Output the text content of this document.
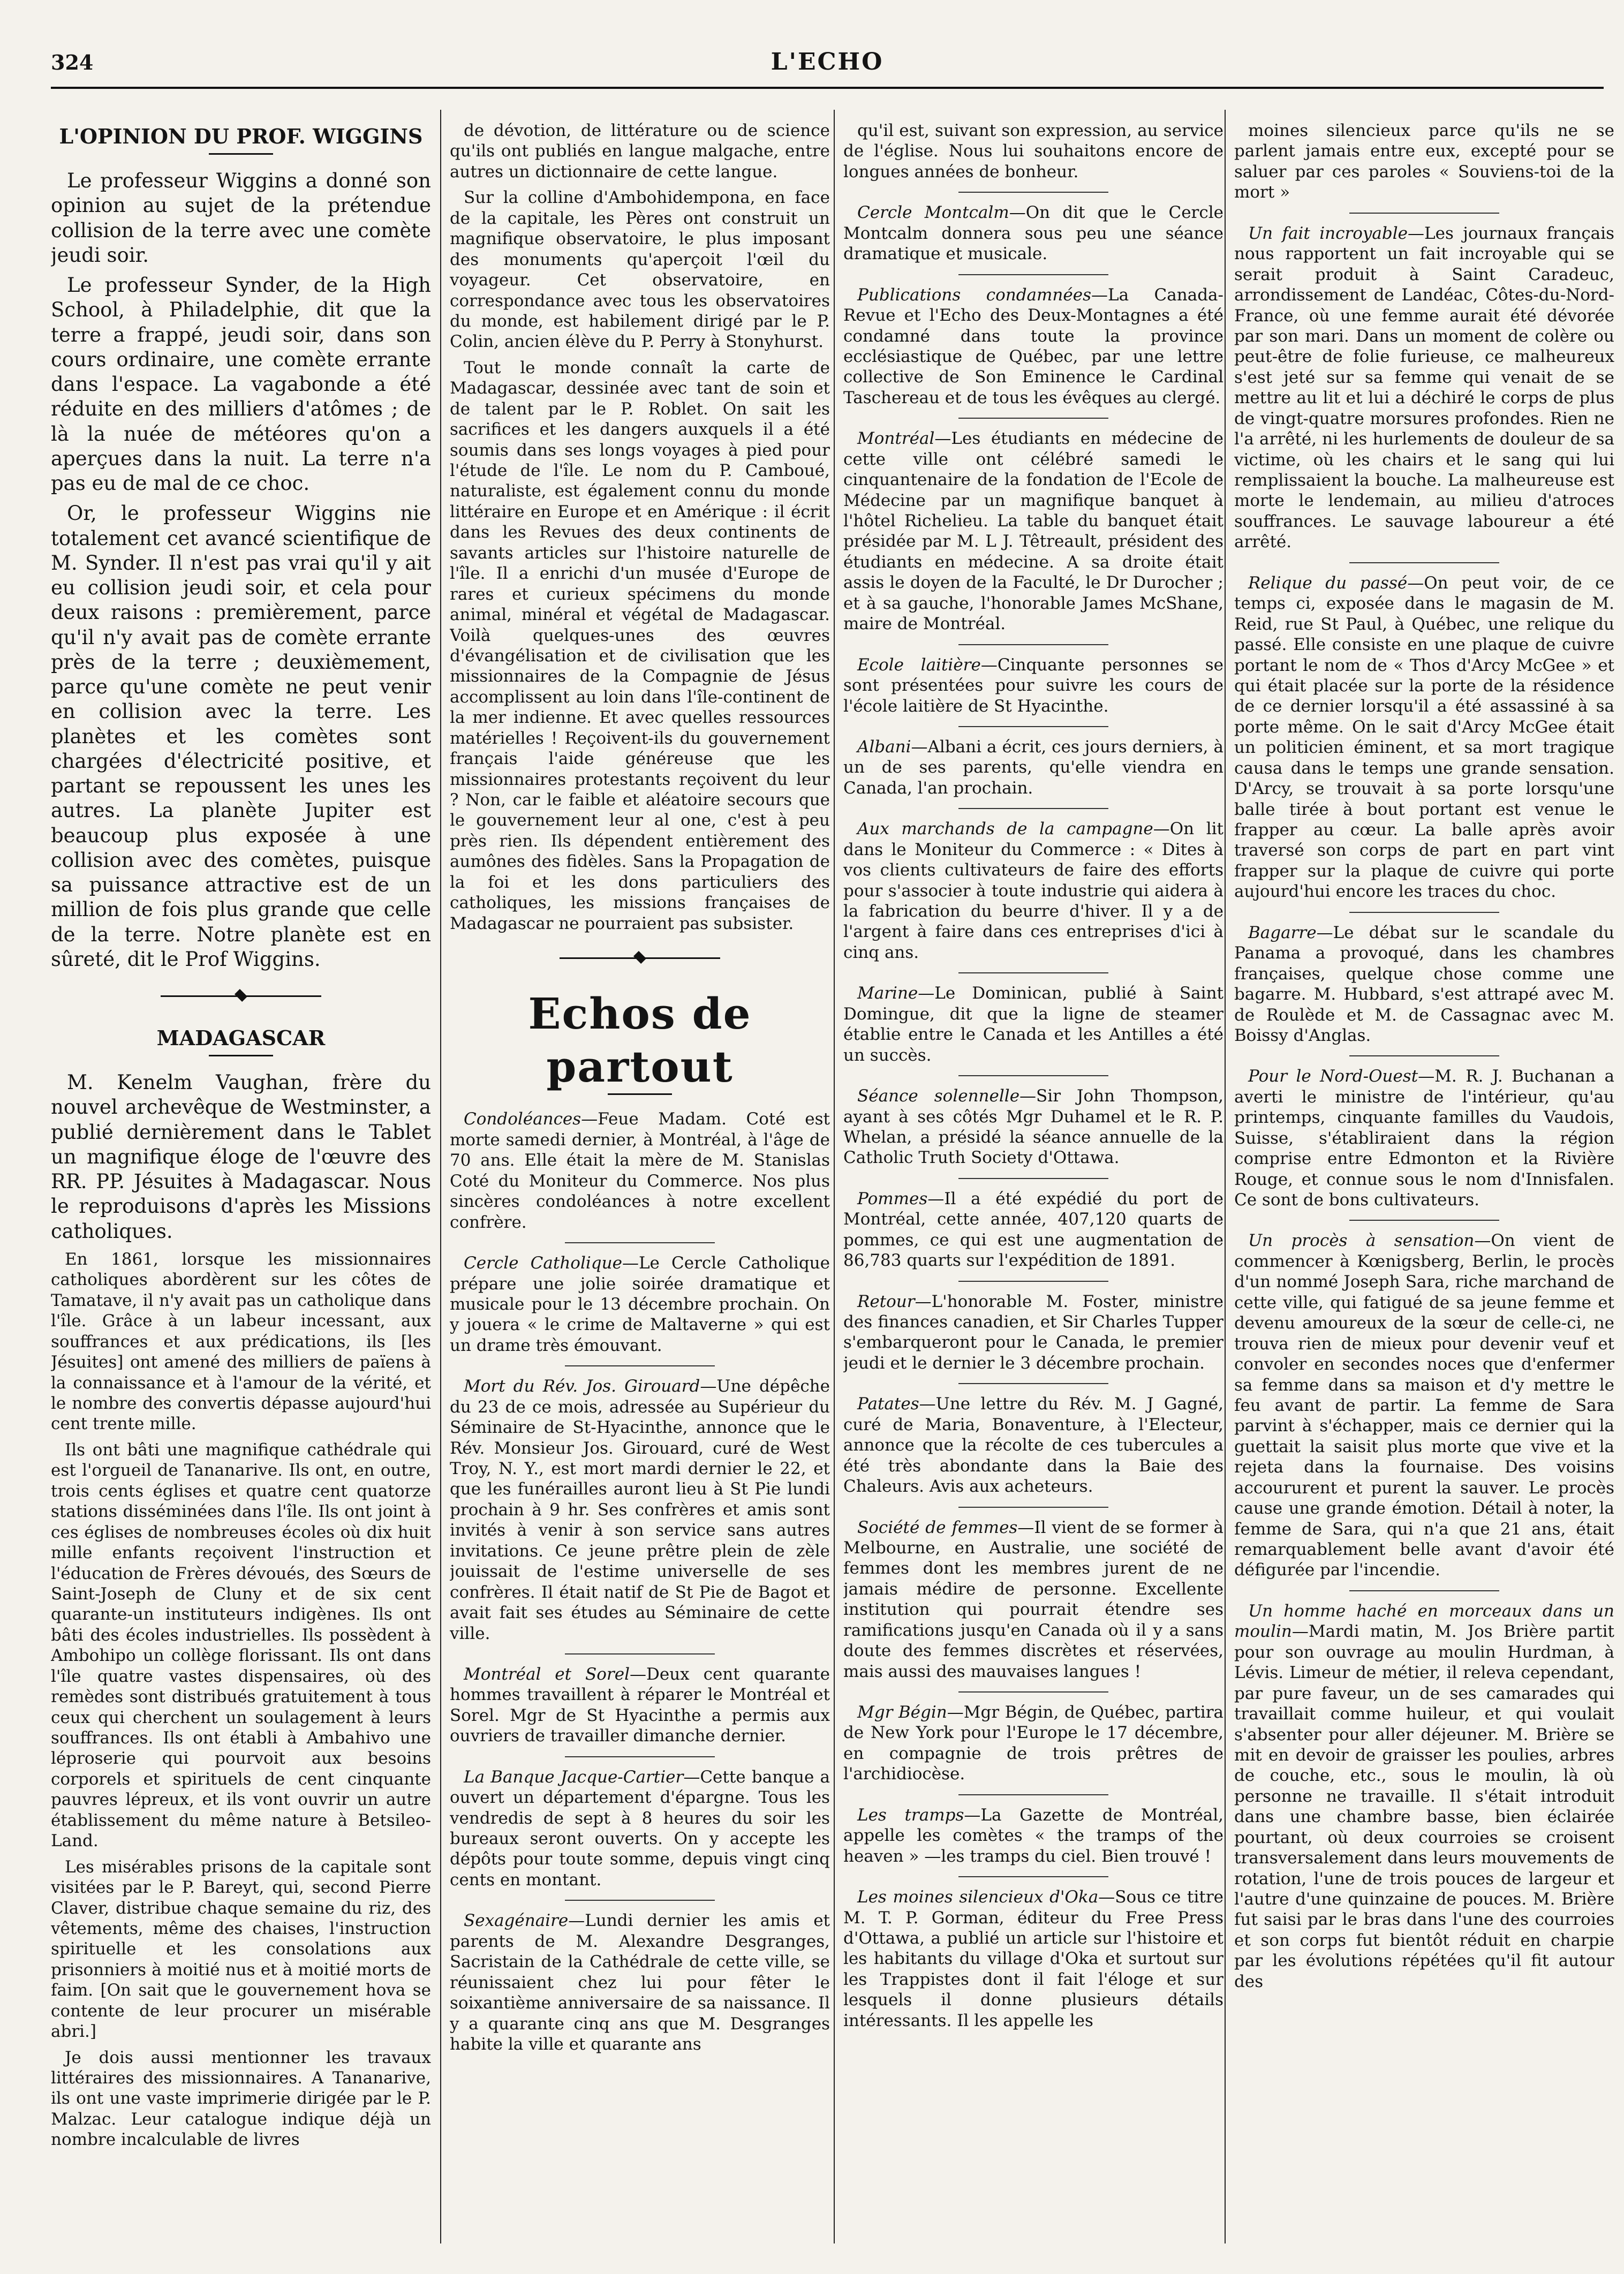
324	L'ECHO
L'OPINION DU PROF. WIGGINS

Le professeur Wiggins a donné son opinion au sujet de la prétendue collision de la terre avec une comète jeudi soir.

Le professeur Synder, de la High School, à Philadelphie, dit que la terre a frappé, jeudi soir, dans son cours ordinaire, une comète errante dans l'espace. La vagabonde a été réduite en des milliers d'atômes ; de là la nuée de météores qu'on a aperçues dans la nuit. La terre n'a pas eu de mal de ce choc.

Or, le professeur Wiggins nie totalement cet avancé scientifique de M. Synder. Il n'est pas vrai qu'il y ait eu collision jeudi soir, et cela pour deux raisons : premièrement, parce qu'il n'y avait pas de comète errante près de la terre ; deuxièmement, parce qu'une comète ne peut venir en collision avec la terre. Les planètes et les comètes sont chargées d'électricité positive, et partant se repoussent les unes les autres. La planète Jupiter est beaucoup plus exposée à une collision avec des comètes, puisque sa puissance attractive est de un million de fois plus grande que celle de la terre. Notre planète est en sûreté, dit le Prof Wiggins.

MADAGASCAR

M. Kenelm Vaughan, frère du nouvel archevêque de Westminster, a publié dernièrement dans le Tablet un magnifique éloge de l'œuvre des RR. PP. Jésuites à Madagascar. Nous le reproduisons d'après les Missions catholiques.

En 1861, lorsque les missionnaires catholiques abordèrent sur les côtes de Tamatave, il n'y avait pas un catholique dans l'île. Grâce à un labeur incessant, aux souffrances et aux prédications, ils [les Jésuites] ont amené des milliers de païens à la connaissance et à l'amour de la vérité, et le nombre des convertis dépasse aujourd'hui cent trente mille.

Ils ont bâti une magnifique cathédrale qui est l'orgueil de Tananarive. Ils ont, en outre, trois cents églises et quatre cent quatorze stations disséminées dans l'île. Ils ont joint à ces églises de nombreuses écoles où dix huit mille enfants reçoivent l'instruction et l'éducation de Frères dévoués, des Sœurs de Saint-Joseph de Cluny et de six cent quarante-un instituteurs indigènes. Ils ont bâti des écoles industrielles. Ils possèdent à Ambohipo un collège florissant. Ils ont dans l'île quatre vastes dispensaires, où des remèdes sont distribués gratuitement à tous ceux qui cherchent un soulagement à leurs souffrances. Ils ont établi à Ambahivo une léproserie qui pourvoit aux besoins corporels et spirituels de cent cinquante pauvres lépreux, et ils vont ouvrir un autre établissement du même nature à Betsileo-Land.

Les misérables prisons de la capitale sont visitées par le P. Bareyt, qui, second Pierre Claver, distribue chaque semaine du riz, des vêtements, même des chaises, l'instruction spirituelle et les consolations aux prisonniers à moitié nus et à moitié morts de faim. [On sait que le gouvernement hova se contente de leur procurer un misérable abri.]

Je dois aussi mentionner les travaux littéraires des missionnaires. A Tananarive, ils ont une vaste imprimerie dirigée par le P. Malzac. Leur catalogue indique déjà un nombre incalculable de livres

de dévotion, de littérature ou de science qu'ils ont publiés en langue malgache, entre autres un dictionnaire de cette langue.

Sur la colline d'Ambohidempona, en face de la capitale, les Pères ont construit un magnifique observatoire, le plus imposant des monuments qu'aperçoit l'œil du voyageur. Cet observatoire, en correspondance avec tous les observatoires du monde, est habilement dirigé par le P. Colin, ancien élève du P. Perry à Stonyhurst.

Tout le monde connaît la carte de Madagascar, dessinée avec tant de soin et de talent par le P. Roblet. On sait les sacrifices et les dangers auxquels il a été soumis dans ses longs voyages à pied pour l'étude de l'île. Le nom du P. Camboué, naturaliste, est également connu du monde littéraire en Europe et en Amérique : il écrit dans les Revues des deux continents de savants articles sur l'histoire naturelle de l'île. Il a enrichi d'un musée d'Europe de rares et curieux spécimens du monde animal, minéral et végétal de Madagascar. Voilà quelques-unes des œuvres d'évangélisation et de civilisation que les missionnaires de la Compagnie de Jésus accomplissent au loin dans l'île-continent de la mer indienne. Et avec quelles ressources matérielles ! Reçoivent-ils du gouvernement français l'aide généreuse que les missionnaires protestants reçoivent du leur ? Non, car le faible et aléatoire secours que le gouvernement leur al one, c'est à peu près rien. Ils dépendent entièrement des aumônes des fidèles. Sans la Propagation de la foi et les dons particuliers des catholiques, les missions françaises de Madagascar ne pourraient pas subsister.

Echos de partout

Condoléances—Feue Madam. Coté est morte samedi dernier, à Montréal, à l'âge de 70 ans. Elle était la mère de M. Stanislas Coté du Moniteur du Commerce. Nos plus sincères condoléances à notre excellent confrère.

Cercle Catholique—Le Cercle Catholique prépare une jolie soirée dramatique et musicale pour le 13 décembre prochain. On y jouera « le crime de Maltaverne » qui est un drame très émouvant.

Mort du Rév. Jos. Girouard—Une dépêche du 23 de ce mois, adressée au Supérieur du Séminaire de St-Hyacinthe, annonce que le Rév. Monsieur Jos. Girouard, curé de West Troy, N. Y., est mort mardi dernier le 22, et que les funérailles auront lieu à St Pie lundi prochain à 9 hr. Ses confrères et amis sont invités à venir à son service sans autres invitations. Ce jeune prêtre plein de zèle jouissait de l'estime universelle de ses confrères. Il était natif de St Pie de Bagot et avait fait ses études au Séminaire de cette ville.

Montréal et Sorel—Deux cent quarante hommes travaillent à réparer le Montréal et Sorel. Mgr de St Hyacinthe a permis aux ouvriers de travailler dimanche dernier.

La Banque Jacque-Cartier—Cette banque a ouvert un département d'épargne. Tous les vendredis de sept à 8 heures du soir les bureaux seront ouverts. On y accepte les dépôts pour toute somme, depuis vingt cinq cents en montant.

Sexagénaire—Lundi dernier les amis et parents de M. Alexandre Desgranges, Sacristain de la Cathédrale de cette ville, se réunissaient chez lui pour fêter le soixantième anniversaire de sa naissance. Il y a quarante cinq ans que M. Desgranges habite la ville et quarante ans

qu'il est, suivant son expression, au service de l'église. Nous lui souhaitons encore de longues années de bonheur.

Cercle Montcalm—On dit que le Cercle Montcalm donnera sous peu une séance dramatique et musicale.

Publications condamnées—La Canada-Revue et l'Echo des Deux-Montagnes a été condamné dans toute la province ecclésiastique de Québec, par une lettre collective de Son Eminence le Cardinal Taschereau et de tous les évêques au clergé.

Montréal—Les étudiants en médecine de cette ville ont célébré samedi le cinquantenaire de la fondation de l'Ecole de Médecine par un magnifique banquet à l'hôtel Richelieu. La table du banquet était présidée par M. L J. Têtreault, président des étudiants en médecine. A sa droite était assis le doyen de la Faculté, le Dr Durocher ; et à sa gauche, l'honorable James McShane, maire de Montréal.

Ecole laitière—Cinquante personnes se sont présentées pour suivre les cours de l'école laitière de St Hyacinthe.

Albani—Albani a écrit, ces jours derniers, à un de ses parents, qu'elle viendra en Canada, l'an prochain.

Aux marchands de la campagne—On lit dans le Moniteur du Commerce : « Dites à vos clients cultivateurs de faire des efforts pour s'associer à toute industrie qui aidera à la fabrication du beurre d'hiver. Il y a de l'argent à faire dans ces entreprises d'ici à cinq ans.

Marine—Le Dominican, publié à Saint Domingue, dit que la ligne de steamer établie entre le Canada et les Antilles a été un succès.

Séance solennelle—Sir John Thompson, ayant à ses côtés Mgr Duhamel et le R. P. Whelan, a présidé la séance annuelle de la Catholic Truth Society d'Ottawa.

Pommes—Il a été expédié du port de Montréal, cette année, 407,120 quarts de pommes, ce qui est une augmentation de 86,783 quarts sur l'expédition de 1891.

Retour—L'honorable M. Foster, ministre des finances canadien, et Sir Charles Tupper s'embarqueront pour le Canada, le premier jeudi et le dernier le 3 décembre prochain.

Patates—Une lettre du Rév. M. J Gagné, curé de Maria, Bonaventure, à l'Electeur, annonce que la récolte de ces tubercules a été très abondante dans la Baie des Chaleurs. Avis aux acheteurs.

Société de femmes—Il vient de se former à Melbourne, en Australie, une société de femmes dont les membres jurent de ne jamais médire de personne. Excellente institution qui pourrait étendre ses ramifications jusqu'en Canada où il y a sans doute des femmes discrètes et réservées, mais aussi des mauvaises langues !

Mgr Bégin—Mgr Bégin, de Québec, partira de New York pour l'Europe le 17 décembre, en compagnie de trois prêtres de l'archidiocèse.

Les tramps—La Gazette de Montréal, appelle les comètes « the tramps of the heaven » —les tramps du ciel. Bien trouvé !

Les moines silencieux d'Oka—Sous ce titre M. T. P. Gorman, éditeur du Free Press d'Ottawa, a publié un article sur l'histoire et les habitants du village d'Oka et surtout sur les Trappistes dont il fait l'éloge et sur lesquels il donne plusieurs détails intéressants. Il les appelle les

moines silencieux parce qu'ils ne se parlent jamais entre eux, excepté pour se saluer par ces paroles « Souviens-toi de la mort »

Un fait incroyable—Les journaux français nous rapportent un fait incroyable qui se serait produit à Saint Caradeuc, arrondissement de Landéac, Côtes-du-Nord-France, où une femme aurait été dévorée par son mari. Dans un moment de colère ou peut-être de folie furieuse, ce malheureux s'est jeté sur sa femme qui venait de se mettre au lit et lui a déchiré le corps de plus de vingt-quatre morsures profondes. Rien ne l'a arrêté, ni les hurlements de douleur de sa victime, où les chairs et le sang qui lui remplissaient la bouche. La malheureuse est morte le lendemain, au milieu d'atroces souffrances. Le sauvage laboureur a été arrêté.

Relique du passé—On peut voir, de ce temps ci, exposée dans le magasin de M. Reid, rue St Paul, à Québec, une relique du passé. Elle consiste en une plaque de cuivre portant le nom de « Thos d'Arcy McGee » et qui était placée sur la porte de la résidence de ce dernier lorsqu'il a été assassiné à sa porte même. On le sait d'Arcy McGee était un politicien éminent, et sa mort tragique causa dans le temps une grande sensation. D'Arcy, se trouvait à sa porte lorsqu'une balle tirée à bout portant est venue le frapper au cœur. La balle après avoir traversé son corps de part en part vint frapper sur la plaque de cuivre qui porte aujourd'hui encore les traces du choc.

Bagarre—Le débat sur le scandale du Panama a provoqué, dans les chambres françaises, quelque chose comme une bagarre. M. Hubbard, s'est attrapé avec M. de Roulède et M. de Cassagnac avec M. Boissy d'Anglas.

Pour le Nord-Ouest—M. R. J. Buchanan a averti le ministre de l'intérieur, qu'au printemps, cinquante familles du Vaudois, Suisse, s'établiraient dans la région comprise entre Edmonton et la Rivière Rouge, et connue sous le nom d'Innisfalen. Ce sont de bons cultivateurs.

Un procès à sensation—On vient de commencer à Kœnigsberg, Berlin, le procès d'un nommé Joseph Sara, riche marchand de cette ville, qui fatigué de sa jeune femme et devenu amoureux de la sœur de celle-ci, ne trouva rien de mieux pour devenir veuf et convoler en secondes noces que d'enfermer sa femme dans sa maison et d'y mettre le feu avant de partir. La femme de Sara parvint à s'échapper, mais ce dernier qui la guettait la saisit plus morte que vive et la rejeta dans la fournaise. Des voisins accoururent et purent la sauver. Le procès cause une grande émotion. Détail à noter, la femme de Sara, qui n'a que 21 ans, était remarquablement belle avant d'avoir été défigurée par l'incendie.

Un homme haché en morceaux dans un moulin—Mardi matin, M. Jos Brière partit pour son ouvrage au moulin Hurdman, à Lévis. Limeur de métier, il releva cependant, par pure faveur, un de ses camarades qui travaillait comme huileur, et qui voulait s'absenter pour aller déjeuner. M. Brière se mit en devoir de graisser les poulies, arbres de couche, etc., sous le moulin, là où personne ne travaille. Il s'était introduit dans une chambre basse, bien éclairée pourtant, où deux courroies se croisent transversalement dans leurs mouvements de rotation, l'une de trois pouces de largeur et l'autre d'une quinzaine de pouces. M. Brière fut saisi par le bras dans l'une des courroies et son corps fut bientôt réduit en charpie par les évolutions répétées qu'il fit autour des
